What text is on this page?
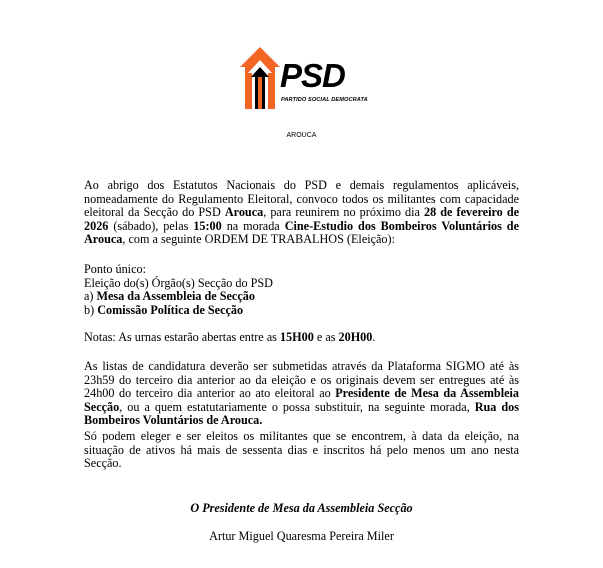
PSD
PARTIDO SOCIAL DEMOCRATA
AROUCA

Ao abrigo dos Estatutos Nacionais do PSD e demais regulamentos aplicáveis, nomeadamente do Regulamento Eleitoral, convoco todos os militantes com capacidade eleitoral da Secção do PSD Arouca, para reunirem no próximo dia 28 de fevereiro de 2026 (sábado), pelas 15:00 na morada Cine-Estudio dos Bombeiros Voluntários de Arouca, com a seguinte ORDEM DE TRABALHOS (Eleição):

Ponto único:
Eleição do(s) Órgão(s) Secção do PSD
a) Mesa da Assembleia de Secção
b) Comissão Política de Secção

Notas: As urnas estarão abertas entre as 15H00 e as 20H00.

As listas de candidatura deverão ser submetidas através da Plataforma SIGMO até às 23h59 do terceiro dia anterior ao da eleição e os originais devem ser entregues até às 24h00 do terceiro dia anterior ao ato eleitoral ao Presidente de Mesa da Assembleia Secção, ou a quem estatutariamente o possa substituir, na seguinte morada, Rua dos Bombeiros Voluntários de Arouca.

Só podem eleger e ser eleitos os militantes que se encontrem, à data da eleição, na situação de ativos há mais de sessenta dias e inscritos há pelo menos um ano nesta Secção.

O Presidente de Mesa da Assembleia Secção
Artur Miguel Quaresma Pereira Miler
